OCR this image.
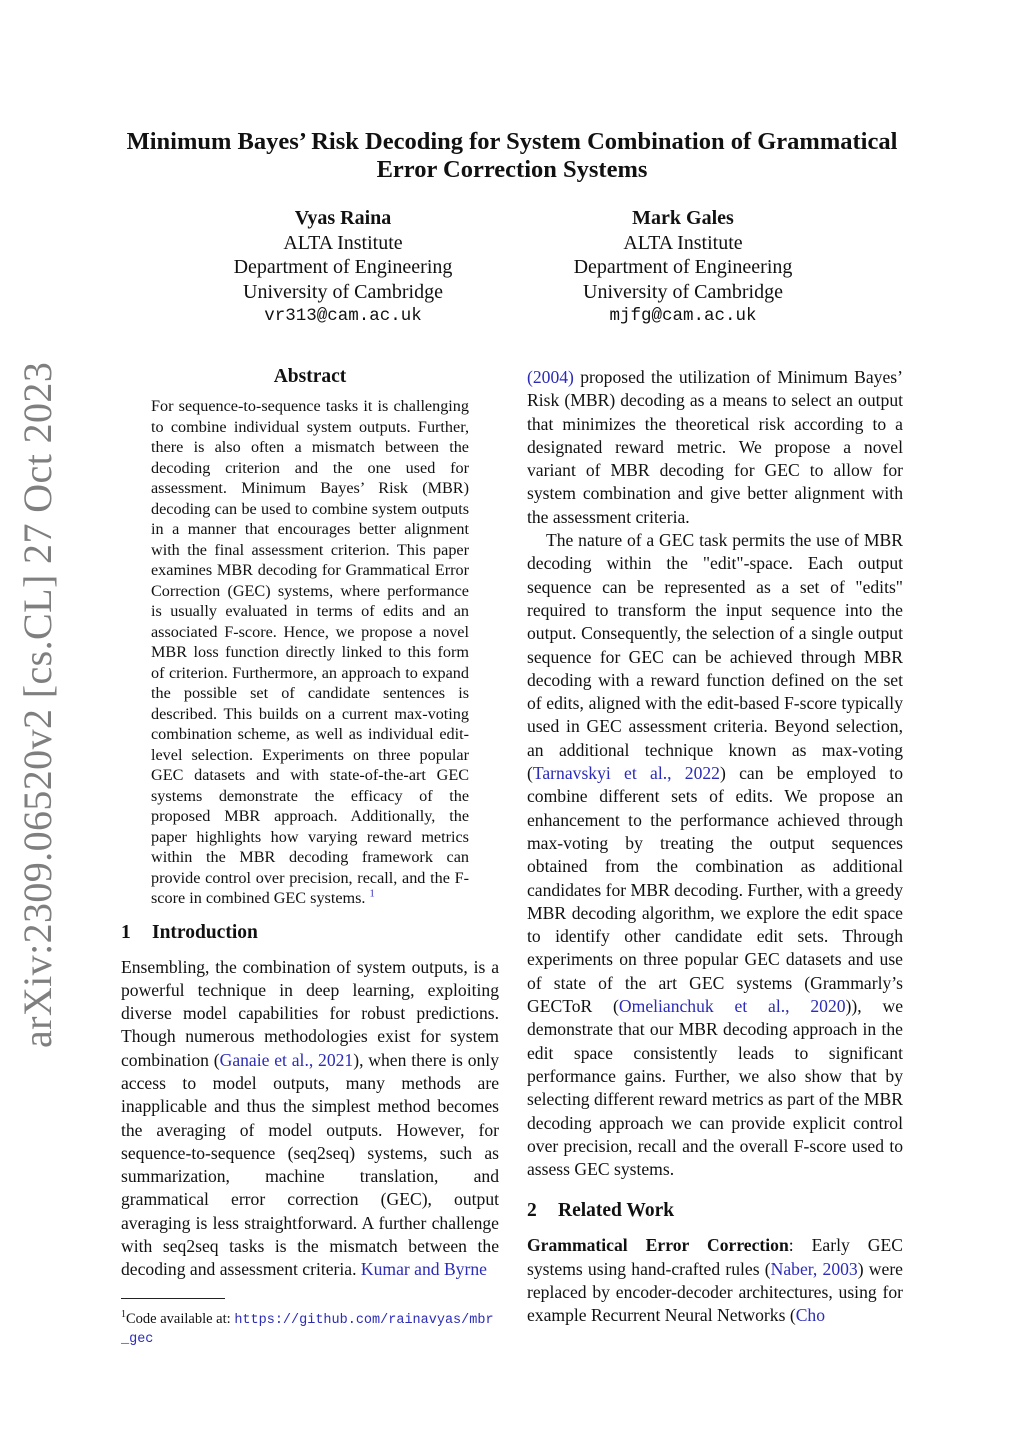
arXiv:2309.06520v2 [cs.CL] 27 Oct 2023
Minimum Bayes’ Risk Decoding for System Combination of Grammatical Error Correction Systems
Vyas Raina
ALTA Institute
Department of Engineering
University of Cambridge
vr313@cam.ac.uk
Mark Gales
ALTA Institute
Department of Engineering
University of Cambridge
mjfg@cam.ac.uk
Abstract
For sequence-to-sequence tasks it is challenging to combine individual system outputs. Further, there is also often a mismatch between the decoding criterion and the one used for assessment. Minimum Bayes’ Risk (MBR) decoding can be used to combine system outputs in a manner that encourages better alignment with the final assessment criterion. This paper examines MBR decoding for Grammatical Error Correction (GEC) systems, where performance is usually evaluated in terms of edits and an associated F-score. Hence, we propose a novel MBR loss function directly linked to this form of criterion. Furthermore, an approach to expand the possible set of candidate sentences is described. This builds on a current max-voting combination scheme, as well as individual edit-level selection. Experiments on three popular GEC datasets and with state-of-the-art GEC systems demonstrate the efficacy of the proposed MBR approach. Additionally, the paper highlights how varying reward metrics within the MBR decoding framework can provide control over precision, recall, and the F-score in combined GEC systems. $^1$
1 Introduction

Ensembling, the combination of system outputs, is a powerful technique in deep learning, exploiting diverse model capabilities for robust predictions. Though numerous methodologies exist for system combination (Ganaie et al., 2021), when there is only access to model outputs, many methods are inapplicable and thus the simplest method becomes the averaging of model outputs. However, for sequence-to-sequence (seq2seq) systems, such as summarization, machine translation, and grammatical error correction (GEC), output averaging is less straightforward. A further challenge with seq2seq tasks is the mismatch between the decoding and assessment criteria. Kumar and Byrne

$^1$Code available at: https://github.com/rainavyas/mbr_gec

(2004) proposed the utilization of Minimum Bayes’ Risk (MBR) decoding as a means to select an output that minimizes the theoretical risk according to a designated reward metric. We propose a novel variant of MBR decoding for GEC to allow for system combination and give better alignment with the assessment criteria.

The nature of a GEC task permits the use of MBR decoding within the "edit"-space. Each output sequence can be represented as a set of "edits" required to transform the input sequence into the output. Consequently, the selection of a single output sequence for GEC can be achieved through MBR decoding with a reward function defined on the set of edits, aligned with the edit-based F-score typically used in GEC assessment criteria. Beyond selection, an additional technique known as max-voting (Tarnavskyi et al., 2022) can be employed to combine different sets of edits. We propose an enhancement to the performance achieved through max-voting by treating the output sequences obtained from the combination as additional candidates for MBR decoding. Further, with a greedy MBR decoding algorithm, we explore the edit space to identify other candidate edit sets. Through experiments on three popular GEC datasets and use of state of the art GEC systems (Grammarly’s GECToR (Omelianchuk et al., 2020)), we demonstrate that our MBR decoding approach in the edit space consistently leads to significant performance gains. Further, we also show that by selecting different reward metrics as part of the MBR decoding approach we can provide explicit control over precision, recall and the overall F-score used to assess GEC systems.

2 Related Work

Grammatical Error Correction: Early GEC systems using hand-crafted rules (Naber, 2003) were replaced by encoder-decoder architectures, using for example Recurrent Neural Networks (Cho
